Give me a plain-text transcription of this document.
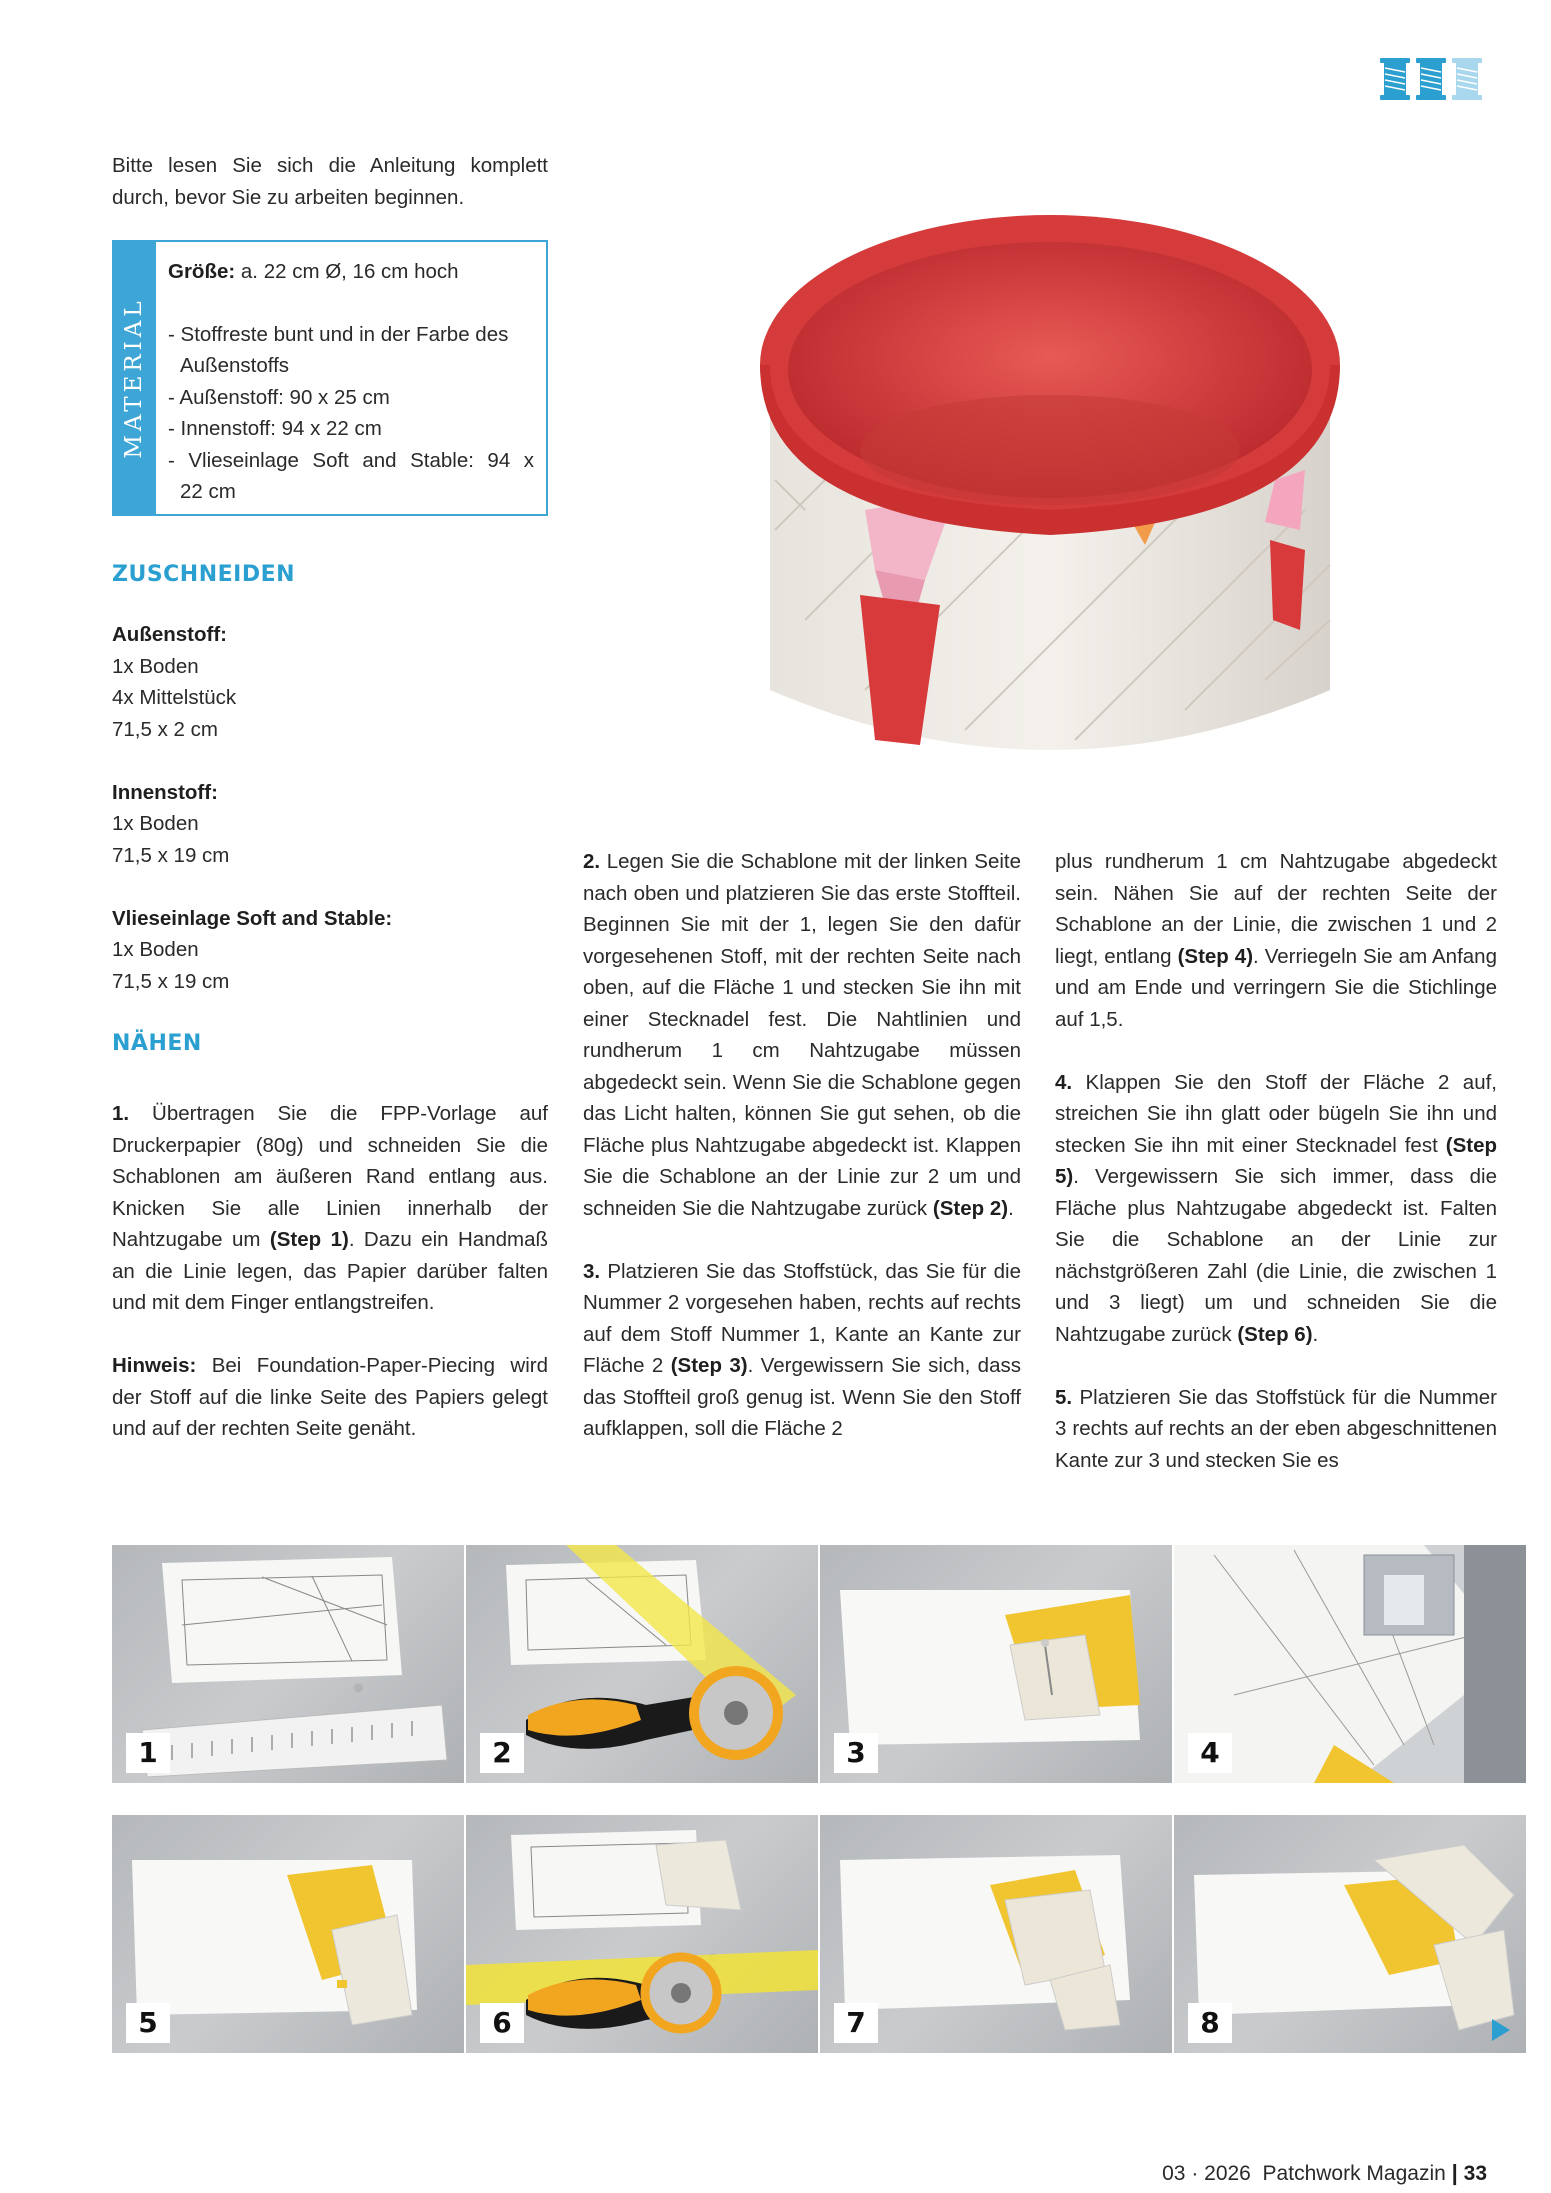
Bitte lesen Sie sich die Anleitung komplett durch, bevor Sie zu arbeiten beginnen.
MATERIAL
Größe: a. 22 cm Ø, 16 cm hoch
- Stoffreste bunt und in der Farbe des
Außenstoffs
- Außenstoff: 90 x 25 cm
- Innenstoff: 94 x 22 cm
- Vlieseinlage Soft and Stable: 94 x
22 cm
ZUSCHNEIDEN
Außenstoff:
1x Boden
4x Mittelstück
71,5 x 2 cm
Innenstoff:
1x Boden
71,5 x 19 cm
Vlieseinlage Soft and Stable:
1x Boden
71,5 x 19 cm
NÄHEN

1. Übertragen Sie die FPP-Vorlage auf Druckerpapier (80g) und schneiden Sie die Schablonen am äußeren Rand entlang aus. Knicken Sie alle Linien innerhalb der Nahtzugabe um (Step 1). Dazu ein Handmaß an die Linie legen, das Papier darüber falten und mit dem Finger entlangstreifen.

Hinweis: Bei Foundation-Paper-Piecing wird der Stoff auf die linke Seite des Papiers gelegt und auf der rechten Seite genäht.

2. Legen Sie die Schablone mit der linken Seite nach oben und platzieren Sie das erste Stoffteil. Beginnen Sie mit der 1, legen Sie den dafür vorgesehenen Stoff, mit der rechten Seite nach oben, auf die Fläche 1 und stecken Sie ihn mit einer Stecknadel fest. Die Nahtlinien und rundherum 1 cm Nahtzugabe müssen abgedeckt sein. Wenn Sie die Schablone gegen das Licht halten, können Sie gut sehen, ob die Fläche plus Nahtzugabe abgedeckt ist. Klappen Sie die Schablone an der Linie zur 2 um und schneiden Sie die Nahtzugabe zurück (Step 2).

3. Platzieren Sie das Stoffstück, das Sie für die Nummer 2 vorgesehen haben, rechts auf rechts auf dem Stoff Nummer 1, Kante an Kante zur Fläche 2 (Step 3). Vergewissern Sie sich, dass das Stoffteil groß genug ist. Wenn Sie den Stoff aufklappen, soll die Fläche 2

plus rundherum 1 cm Nahtzugabe abgedeckt sein. Nähen Sie auf der rechten Seite der Schablone an der Linie, die zwischen 1 und 2 liegt, entlang (Step 4). Verriegeln Sie am Anfang und am Ende und verringern Sie die Stichlinge auf 1,5.

4. Klappen Sie den Stoff der Fläche 2 auf, streichen Sie ihn glatt oder bügeln Sie ihn und stecken Sie ihn mit einer Stecknadel fest (Step 5). Vergewissern Sie sich immer, dass die Fläche plus Nahtzugabe abgedeckt ist. Falten Sie die Schablone an der Linie zur nächstgrößeren Zahl (die Linie, die zwischen 1 und 3 liegt) um und schneiden Sie die Nahtzugabe zurück (Step 6).

5. Platzieren Sie das Stoffstück für die Nummer 3 rechts auf rechts an der eben abgeschnittenen Kante zur 3 und stecken Sie es

1	2	3	4
5	6	7	8
03 · 2026 Patchwork Magazin | 33
